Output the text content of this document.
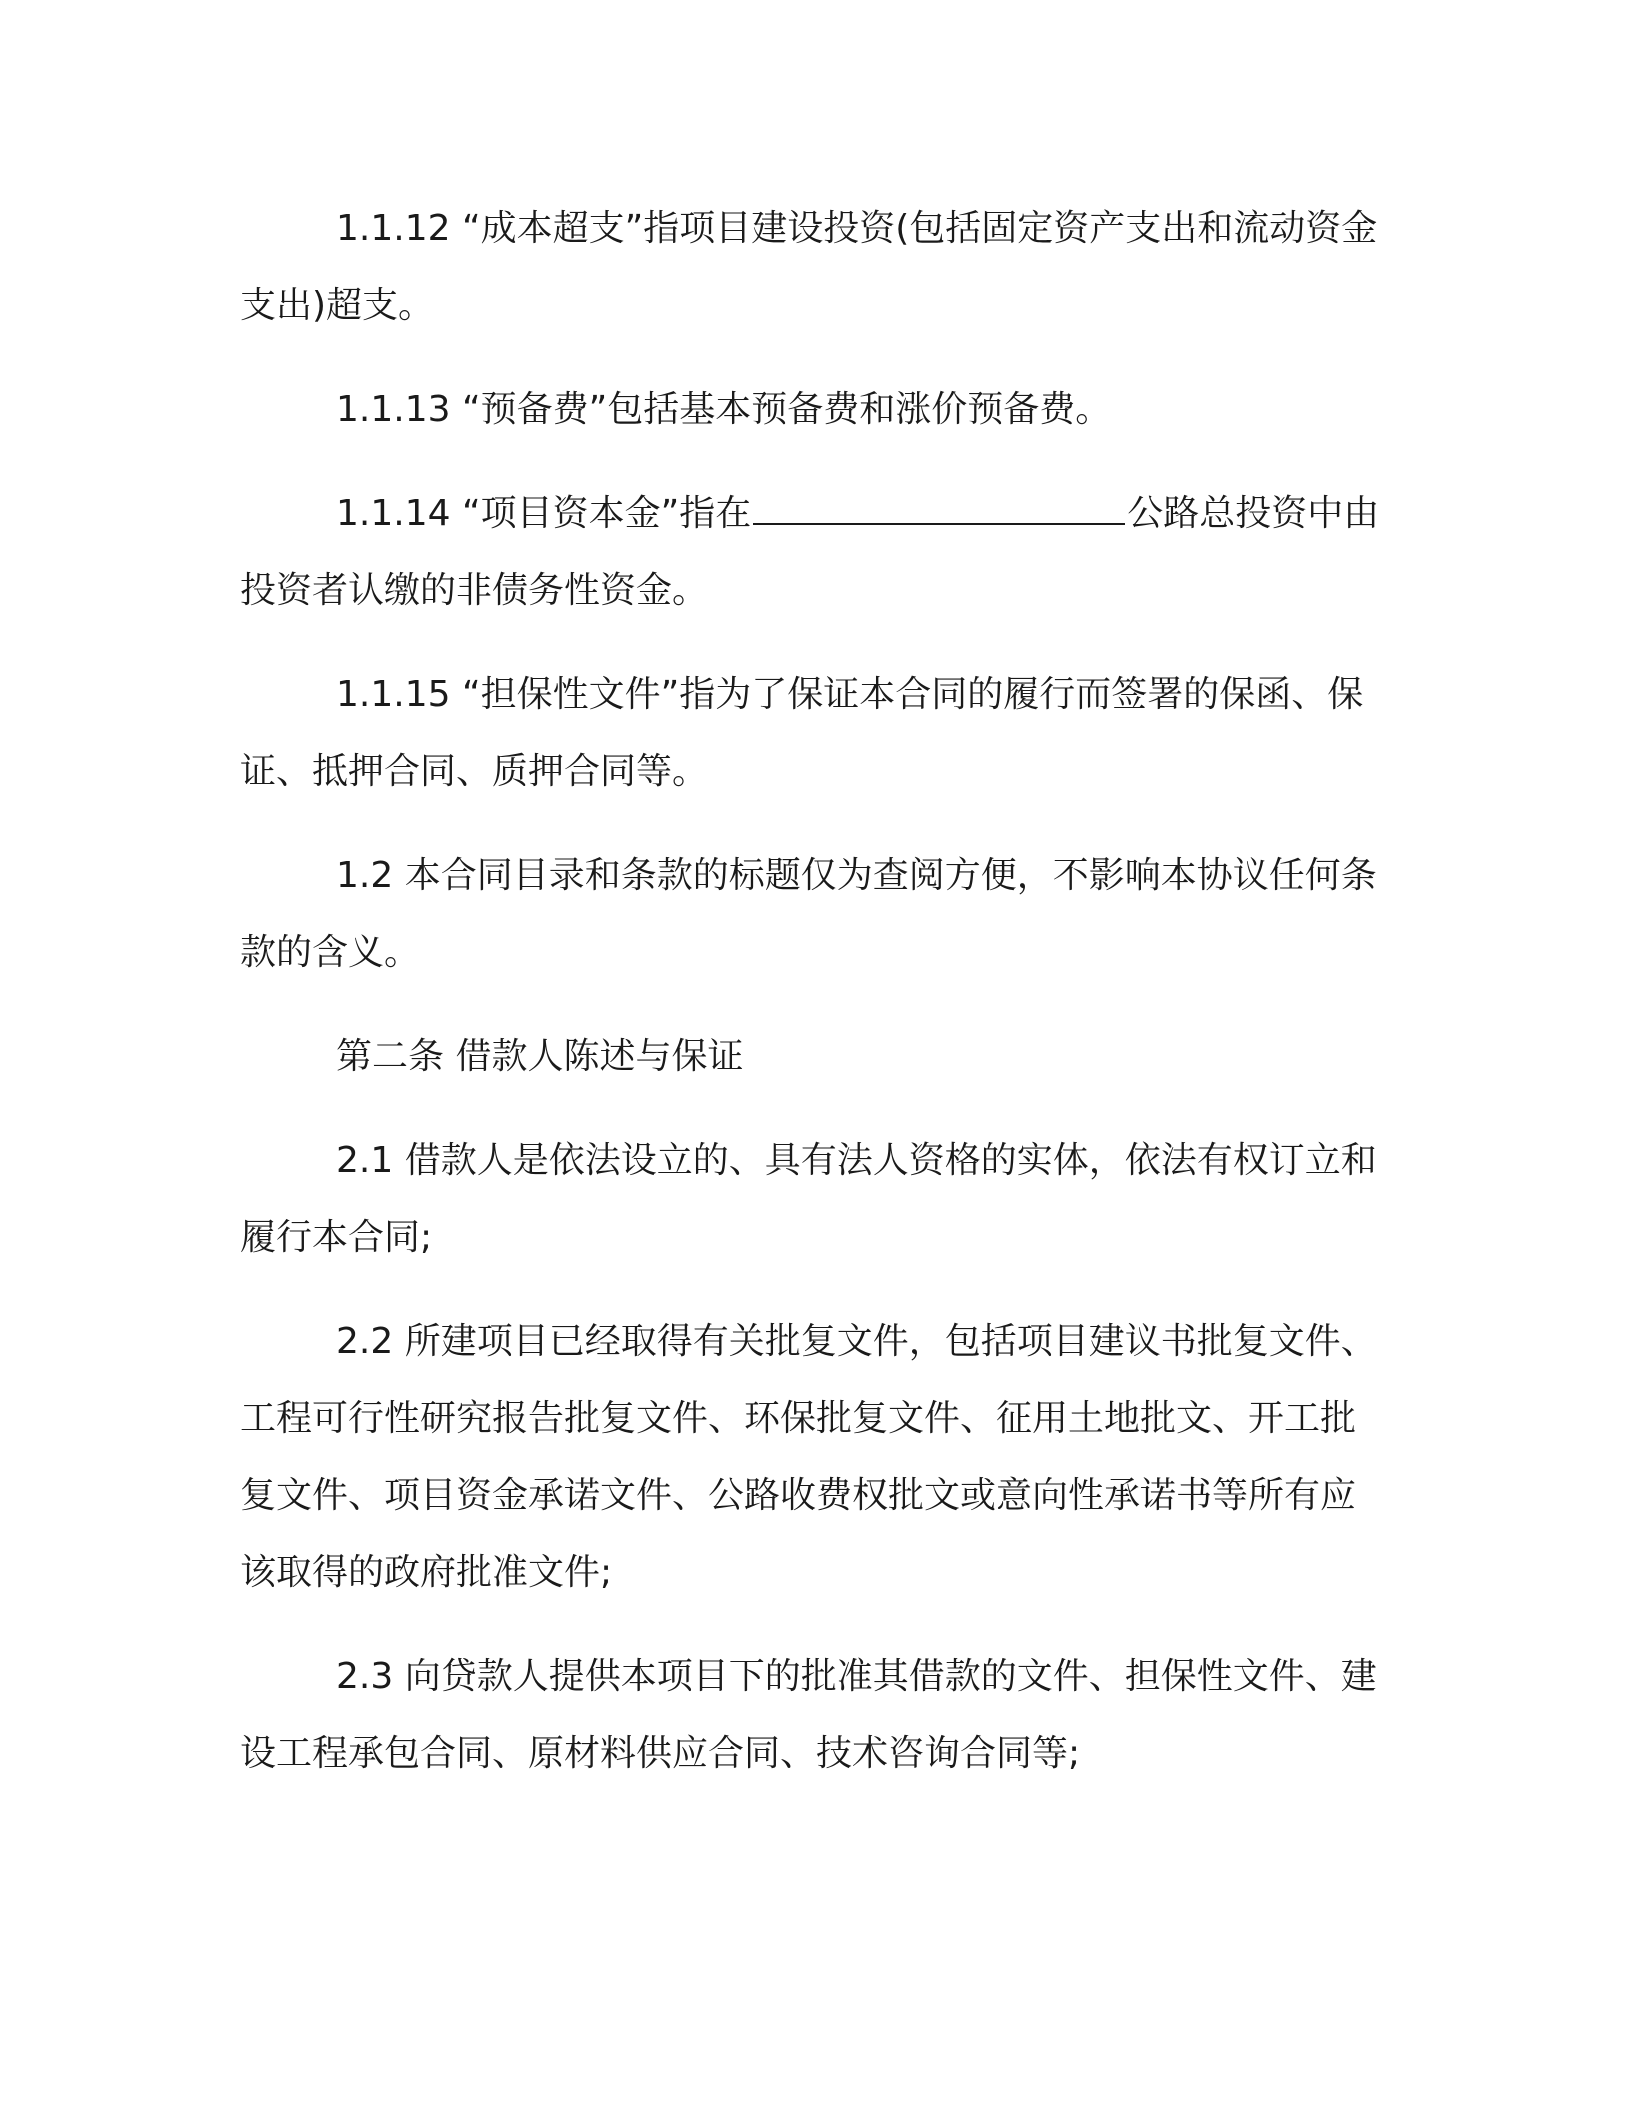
1.1.12 “成本超支”指项目建设投资(包括固定资产支出和流动资金支出)超支。

1.1.13 “预备费”包括基本预备费和涨价预备费。

1.1.14 “项目资本金”指在	公路总投资中由投资者认缴的非债务性资金。

1.1.15 “担保性文件”指为了保证本合同的履行而签署的保函、保证、抵押合同、质押合同等。

1.2 本合同目录和条款的标题仅为查阅方便，不影响本协议任何条款的含义。

第二条 借款人陈述与保证

2.1 借款人是依法设立的、具有法人资格的实体，依法有权订立和履行本合同;

2.2 所建项目已经取得有关批复文件，包括项目建议书批复文件、工程可行性研究报告批复文件、环保批复文件、征用土地批文、开工批复文件、项目资金承诺文件、公路收费权批文或意向性承诺书等所有应该取得的政府批准文件;

2.3 向贷款人提供本项目下的批准其借款的文件、担保性文件、建设工程承包合同、原材料供应合同、技术咨询合同等;
